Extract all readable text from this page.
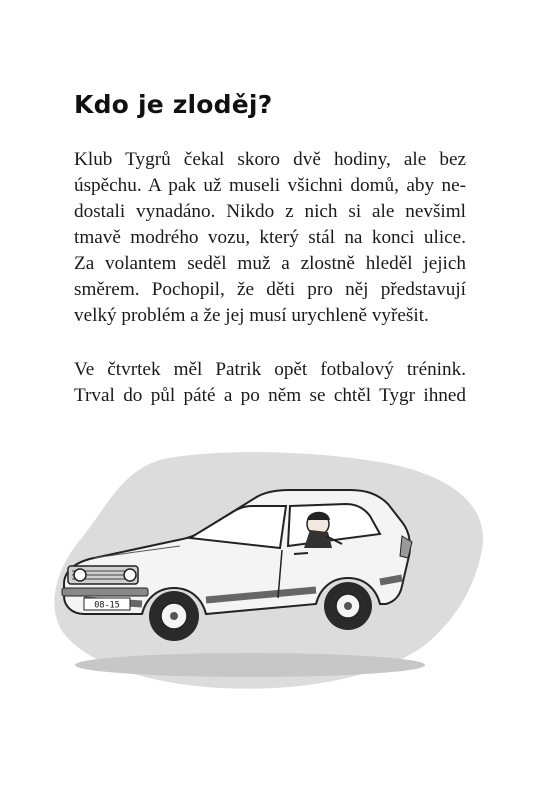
Kdo je zloděj?
Klub Tygrů čekal skoro dvě hodiny, ale bez
úspěchu. A pak už museli všichni domů, aby ne-
dostali vynadáno. Nikdo z nich si ale nevšiml
tmavě modrého vozu, který stál na konci ulice.
Za volantem seděl muž a zlostně hleděl jejich
směrem. Pochopil, že děti pro něj představují
velký problém a že jej musí urychleně vyřešit.
Ve čtvrtek měl Patrik opět fotbalový trénink.
Trval do půl páté a po něm se chtěl Tygr ihned
08-15
